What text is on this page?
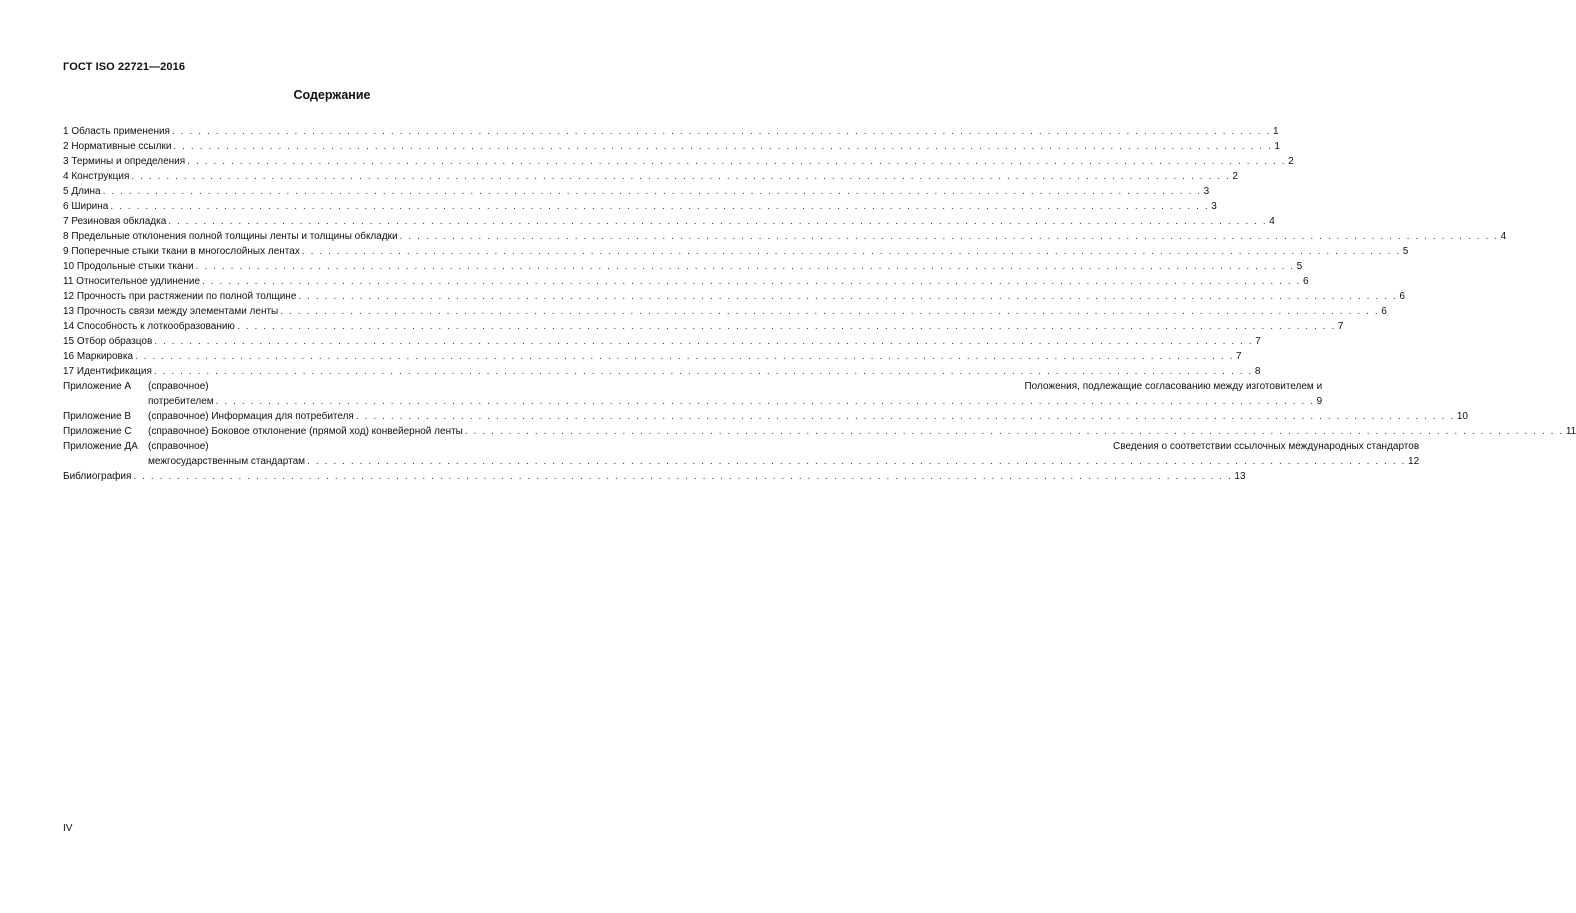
ГОСТ ISO 22721—2016
Содержание
1 Область применения . . .	1
2 Нормативные ссылки . . .	1
3 Термины и определения . . .	2
4 Конструкция . . .	2
5 Длина . . .	3
6 Ширина . . .	3
7 Резиновая обкладка . . .	4
8 Предельные отклонения полной толщины ленты и толщины обкладки . . .	4
9 Поперечные стыки ткани в многослойных лентах . . .	5
10 Продольные стыки ткани . . .	5
11 Относительное удлинение . . .	6
12 Прочность при растяжении по полной толщине . . .	6
13 Прочность связи между элементами ленты . . .	6
14 Способность к лоткообразованию . . .	7
15 Отбор образцов . . .	7
16 Маркировка . . .	7
17 Идентификация . . .	8
Приложение А	(справочное)	Положения, подлежащие согласованию между изготовителем и
потребителем . . .	9
Приложение В	(справочное) Информация для потребителя . . .	10
Приложение С	(справочное) Боковое отклонение (прямой ход) конвейерной ленты . . .	11
Приложение ДА	(справочное)	Сведения о соответствии ссылочных международных стандартов
межгосударственным стандартам . . .	12
Библиография . . .	13
IV
